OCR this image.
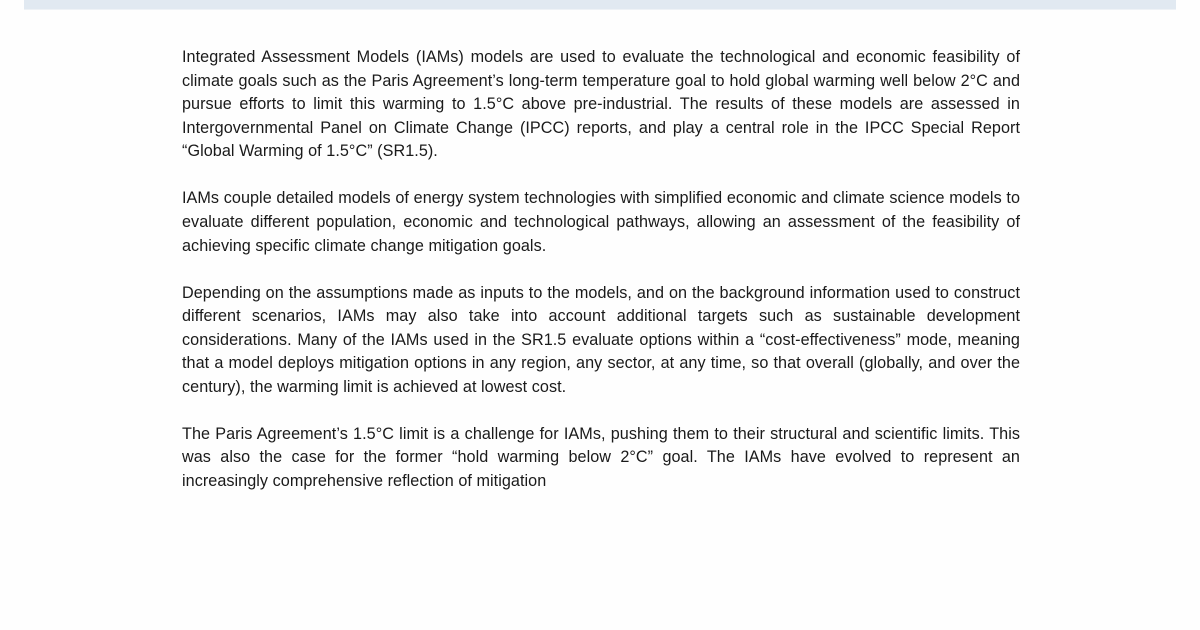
Integrated Assessment Models (IAMs) models are used to evaluate the technological and economic feasibility of climate goals such as the Paris Agreement’s long-term temperature goal to hold global warming well below 2°C and pursue efforts to limit this warming to 1.5°C above pre-industrial. The results of these models are assessed in Intergovernmental Panel on Climate Change (IPCC) reports, and play a central role in the IPCC Special Report “Global Warming of 1.5°C” (SR1.5).

IAMs couple detailed models of energy system technologies with simplified economic and climate science models to evaluate different population, economic and technological pathways, allowing an assessment of the feasibility of achieving specific climate change mitigation goals.

Depending on the assumptions made as inputs to the models, and on the background information used to construct different scenarios, IAMs may also take into account additional targets such as sustainable development considerations. Many of the IAMs used in the SR1.5 evaluate options within a “cost-effectiveness” mode, meaning that a model deploys mitigation options in any region, any sector, at any time, so that overall (globally, and over the century), the warming limit is achieved at lowest cost.

The Paris Agreement’s 1.5°C limit is a challenge for IAMs, pushing them to their structural and scientific limits. This was also the case for the former “hold warming below 2°C” goal. The IAMs have evolved to represent an increasingly comprehensive reflection of mitigation
